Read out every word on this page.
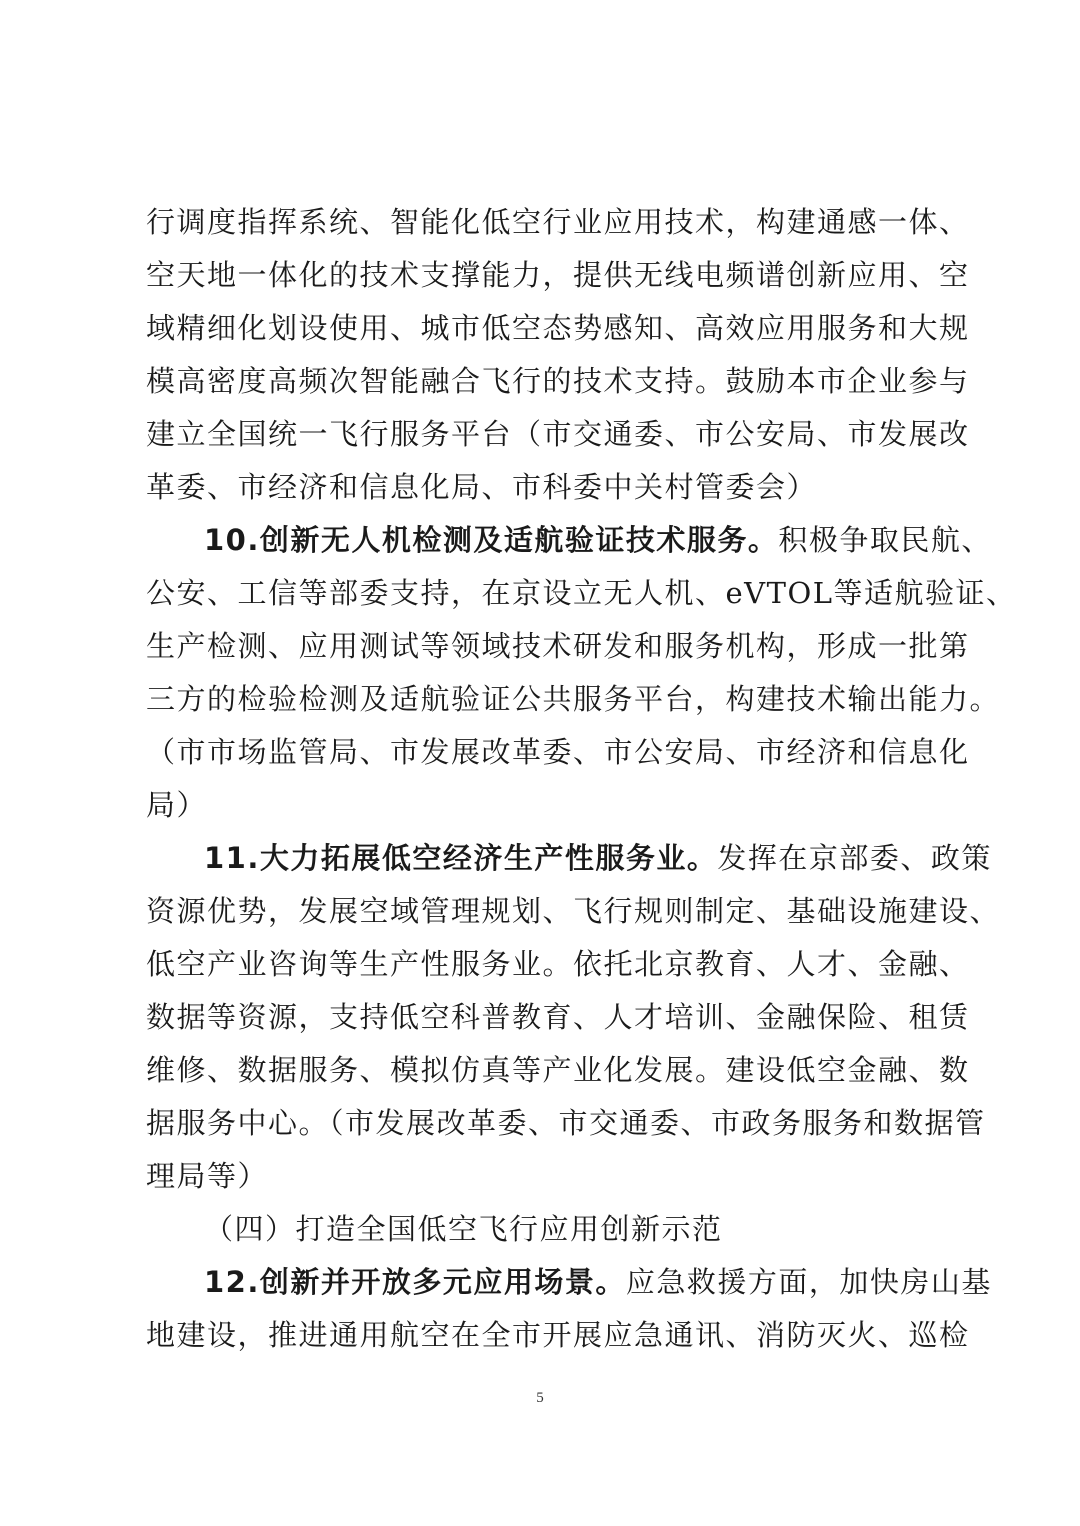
行调度指挥系统、智能化低空行业应用技术，构建通感一体、
空天地一体化的技术支撑能力，提供无线电频谱创新应用、空
域精细化划设使用、城市低空态势感知、高效应用服务和大规
模高密度高频次智能融合飞行的技术支持。鼓励本市企业参与
建立全国统一飞行服务平台（市交通委、市公安局、市发展改
革委、市经济和信息化局、市科委中关村管委会）
10.创新无人机检测及适航验证技术服务。积极争取民航、
公安、工信等部委支持，在京设立无人机、eVTOL等适航验证、
生产检测、应用测试等领域技术研发和服务机构，形成一批第
三方的检验检测及适航验证公共服务平台，构建技术输出能力。
（市市场监管局、市发展改革委、市公安局、市经济和信息化
局）
11.大力拓展低空经济生产性服务业。发挥在京部委、政策
资源优势，发展空域管理规划、飞行规则制定、基础设施建设、
低空产业咨询等生产性服务业。依托北京教育、人才、金融、
数据等资源，支持低空科普教育、人才培训、金融保险、租赁
维修、数据服务、模拟仿真等产业化发展。建设低空金融、数
据服务中心。（市发展改革委、市交通委、市政务服务和数据管
理局等）
（四）打造全国低空飞行应用创新示范
12.创新并开放多元应用场景。应急救援方面，加快房山基
地建设，推进通用航空在全市开展应急通讯、消防灭火、巡检
5
